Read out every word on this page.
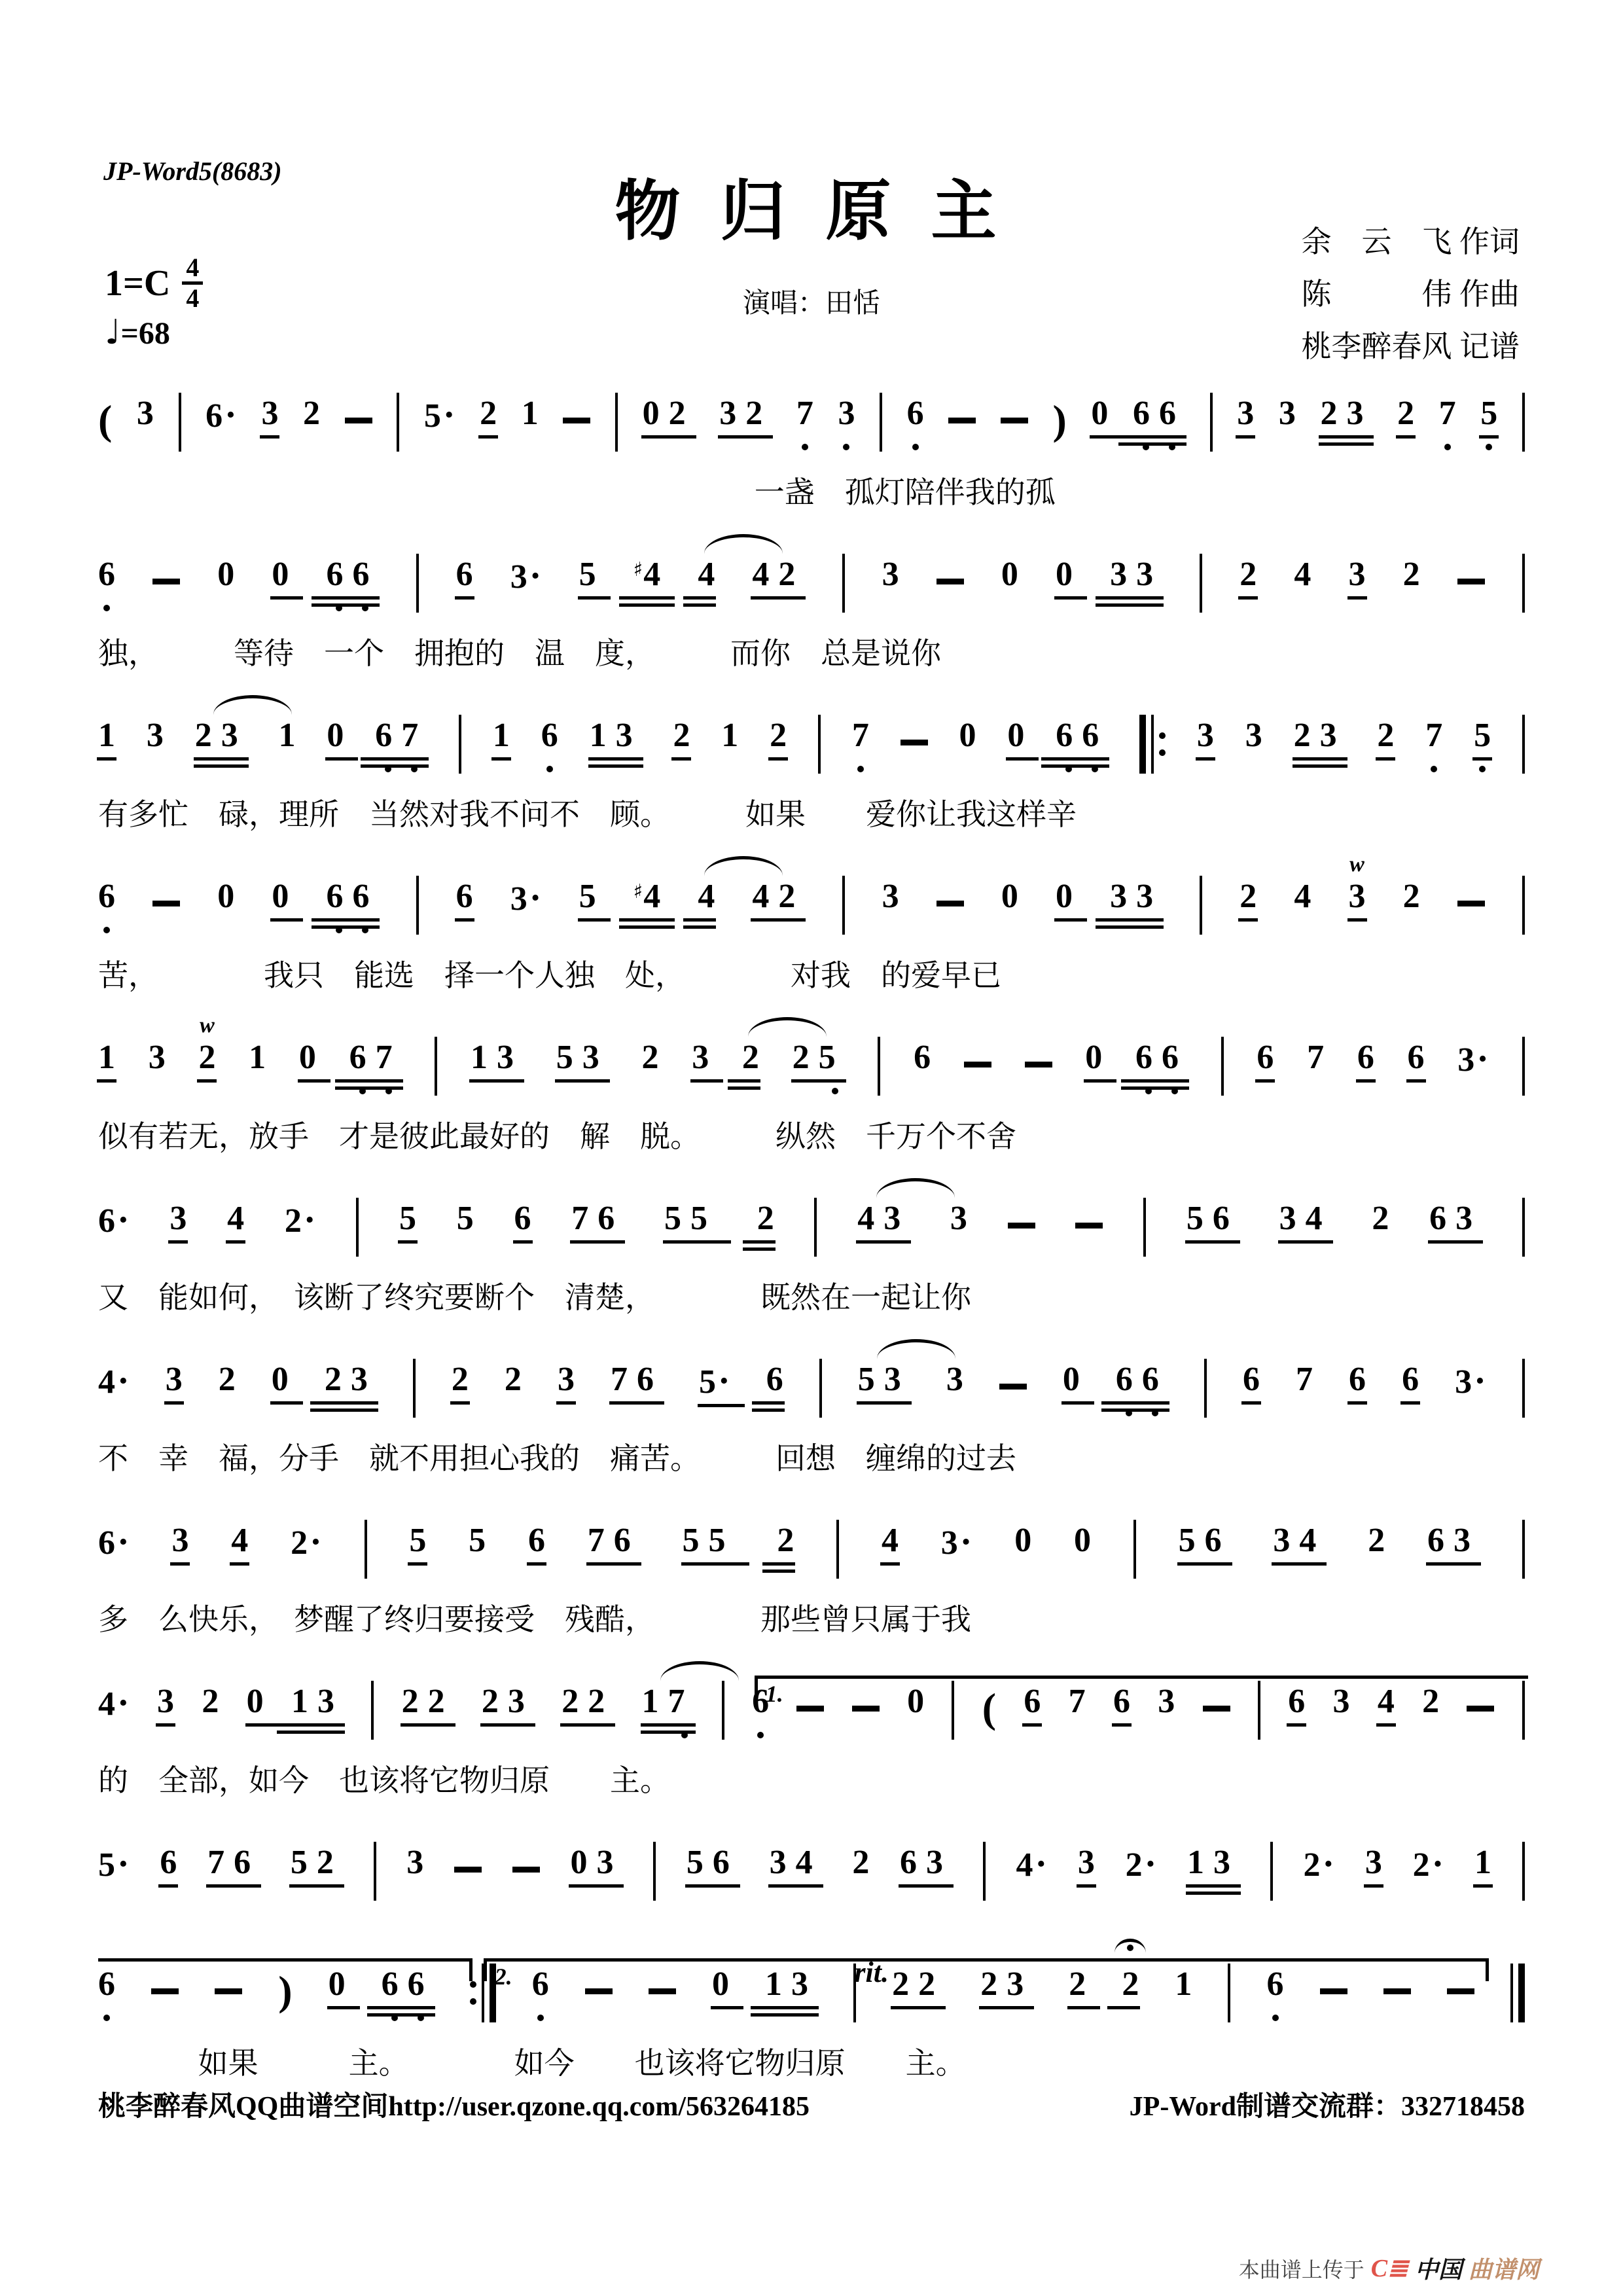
JP-Word5(8683)
物 归 原 主
演唱：田恬
余　云　飞 作词
陈　　　伟 作曲
桃李醉春风 记谱
$1=C \frac{4}{4}$
♩=68
( 3 6· 3 2	5· 2 1	02 32 7 3 6	) 0 66 3 3 23 2 7 5
一盏　孤灯陪伴我的孤
6	0 0 66 6 3· 5 ♯4 4 42 3	0 0 33 2 4 3 2
独，　　　等待　一个　拥抱的　温　度，　　　而你　总是说你
1 3 23 1 0 67 1 6 13 2 1 2 7	0 0 66	3 3 23 2 7 5
有多忙　碌，理所　当然对我不问不　顾。　　　如果　　爱你让我这样辛
6	0 0 66 6 3· 5 ♯4 4 42 3	0 0 33 2 4 3
w
2
苦，　　　　我只　能选　择一个人独　处，　　　　对我　的爱早已
1 3 2
w
1 0 67 13 53 2 3 2 25 6	0 66 6 7 6 6 3·
似有若无，放手　才是彼此最好的　解　脱。　　　纵然　千万个不舍
6· 3 4 2· 5 5 6 76 55 2 43 3	56 34 2 63
又　能如何，　该断了终究要断个　清楚，　　　　既然在一起让你
4· 3 2 0 23 2 2 3 76 5· 6 53 3	0 66 6 7 6 6 3·
不　幸　福，分手　就不用担心我的　痛苦。　　　回想　缠绵的过去
6· 3 4 2·	5 5 6 76 55 2	4 3· 0 0	56 34 2 63
多　么快乐，　梦醒了终归要接受　残酷，　　　　那些曾只属于我
1.
4· 3 2 0 13 22 23 22 17 6	0 ( 6 7 6 3	6 3 4 2
的　全部，如今　也该将它物归原　　主。
5· 6 76 52 3	03 56 34 2 63 4· 3 2· 13 2· 3 2· 1
2.	rit.
6	) 0 66	6	0 13 22 23 2 2 1 6
如果　　　主。　　　　如今　　也该将它物归原　　主。
桃李醉春风QQ曲谱空间http://user.qzone.qq.com/563264185	JP-Word制谱交流群：332718458
本曲谱上传于 C≣ 中国 曲谱网
